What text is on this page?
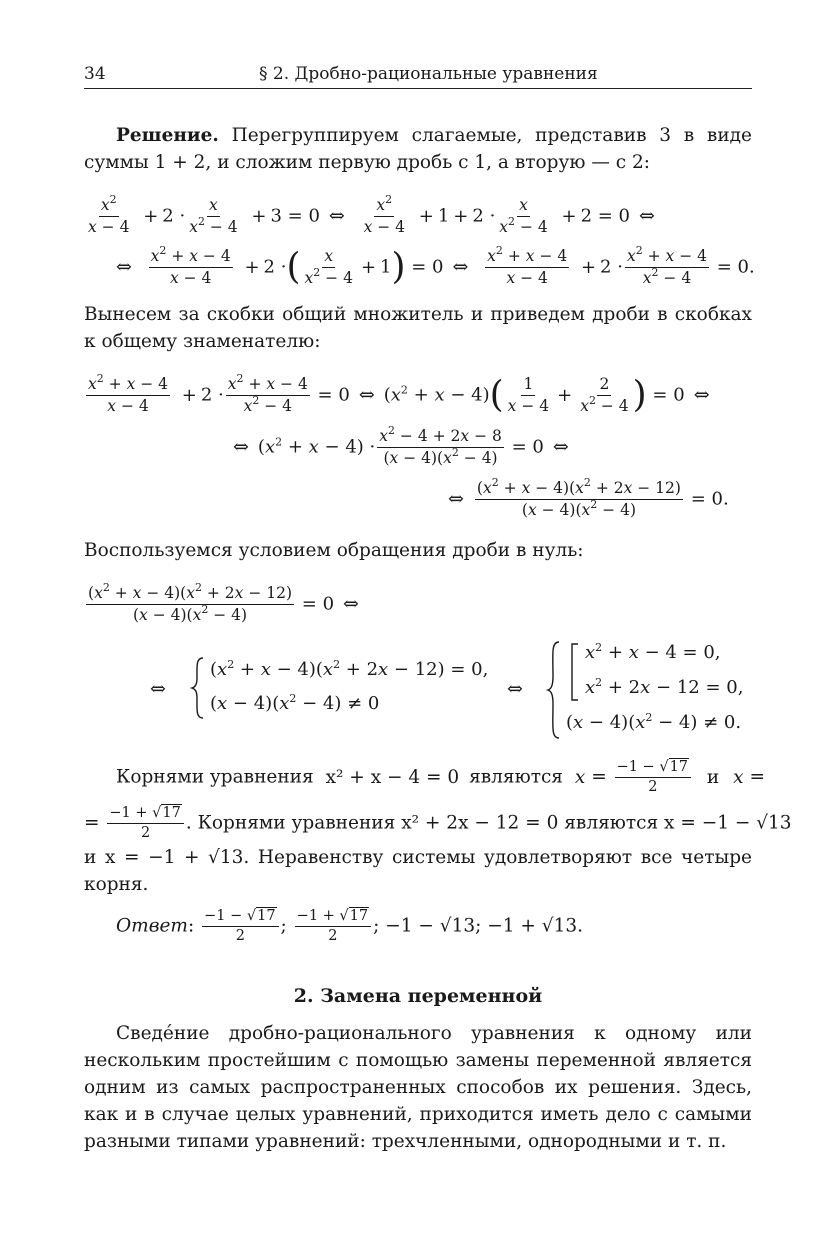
34	§ 2. Дробно-рациональные уравнения
Решение. Перегруппируем слагаемые, представив 3 в виде суммы 1 + 2, и сложим первую дробь с 1, а вторую — с 2:
$\frac{x^2}{x - 4} + 2 \cdot \frac{x}{x^2 - 4} + 3 = 0$ ⇔ $\frac{x^2}{x - 4} + 1 + 2 \cdot \frac{x}{x^2 - 4} + 2 = 0$ ⇔
⇔ $\frac{x^2 + x - 4}{x - 4} + 2$ ·( $\frac{x}{x^2 - 4} + 1) = 0$ ⇔ $\frac{x^2 + x - 4}{x - 4} + 2 \cdot \frac{x^2 + x - 4}{x^2 - 4} = 0$.
Вынесем за скобки общий множитель и приведем дроби в скобках к общему знаменателю:
$\frac{x^2 + x - 4}{x - 4} + 2 \cdot \frac{x^2 + x - 4}{x^2 - 4} = 0$ ⇔ $(x^2 + x - 4)( \frac{1}{x - 4} + \frac{2}{x^2 - 4}$ ) = 0 ⇔
⇔ $(x^2 + x - 4) \cdot \frac{x^2 - 4 + 2x - 8}{(x - 4)(x^2 - 4)} = 0$ ⇔
⇔ $\frac{(x^2 + x - 4)(x^2 + 2x - 12)}{(x - 4)(x^2 - 4)} = 0$.
Воспользуемся условием обращения дроби в нуль:
$\frac{(x^2 + x - 4)(x^2 + 2x - 12)}{(x - 4)(x^2 - 4)} = 0$ ⇔
⇔
$(x^2 + x - 4)(x^2 + 2x - 12) = 0$,
$(x - 4)(x^2 - 4) \ne 0$
⇔
$x^2 + x - 4 = 0$,
$x^2 + 2x - 12 = 0$,
$(x - 4)(x^2 - 4) \ne 0$.
Корнями уравнения x² + x − 4 = 0 являются $x = \frac{-1 - √17}{2}$ и x =
= $\frac{-1 + √17}{2}$ . Корнями уравнения x² + 2x − 12 = 0 являются x = −1 − √13
и x = −1 + √13. Неравенству системы удовлетворяют все четыре корня.
Ответ: $\frac{-1 - √17}{2}$ ; $\frac{-1 + √17}{2}$ ; −1 − √13; −1 + √13.
2. Замена переменной
Свeде́ние дробно-рационального уравнения к одному или нескольким простейшим с помощью замены переменной является одним из самых распространенных способов их решения. Здесь, как и в случае целых уравнений, приходится иметь дело с самыми разными типами уравнений: трехчленными, однородными и т. п.
